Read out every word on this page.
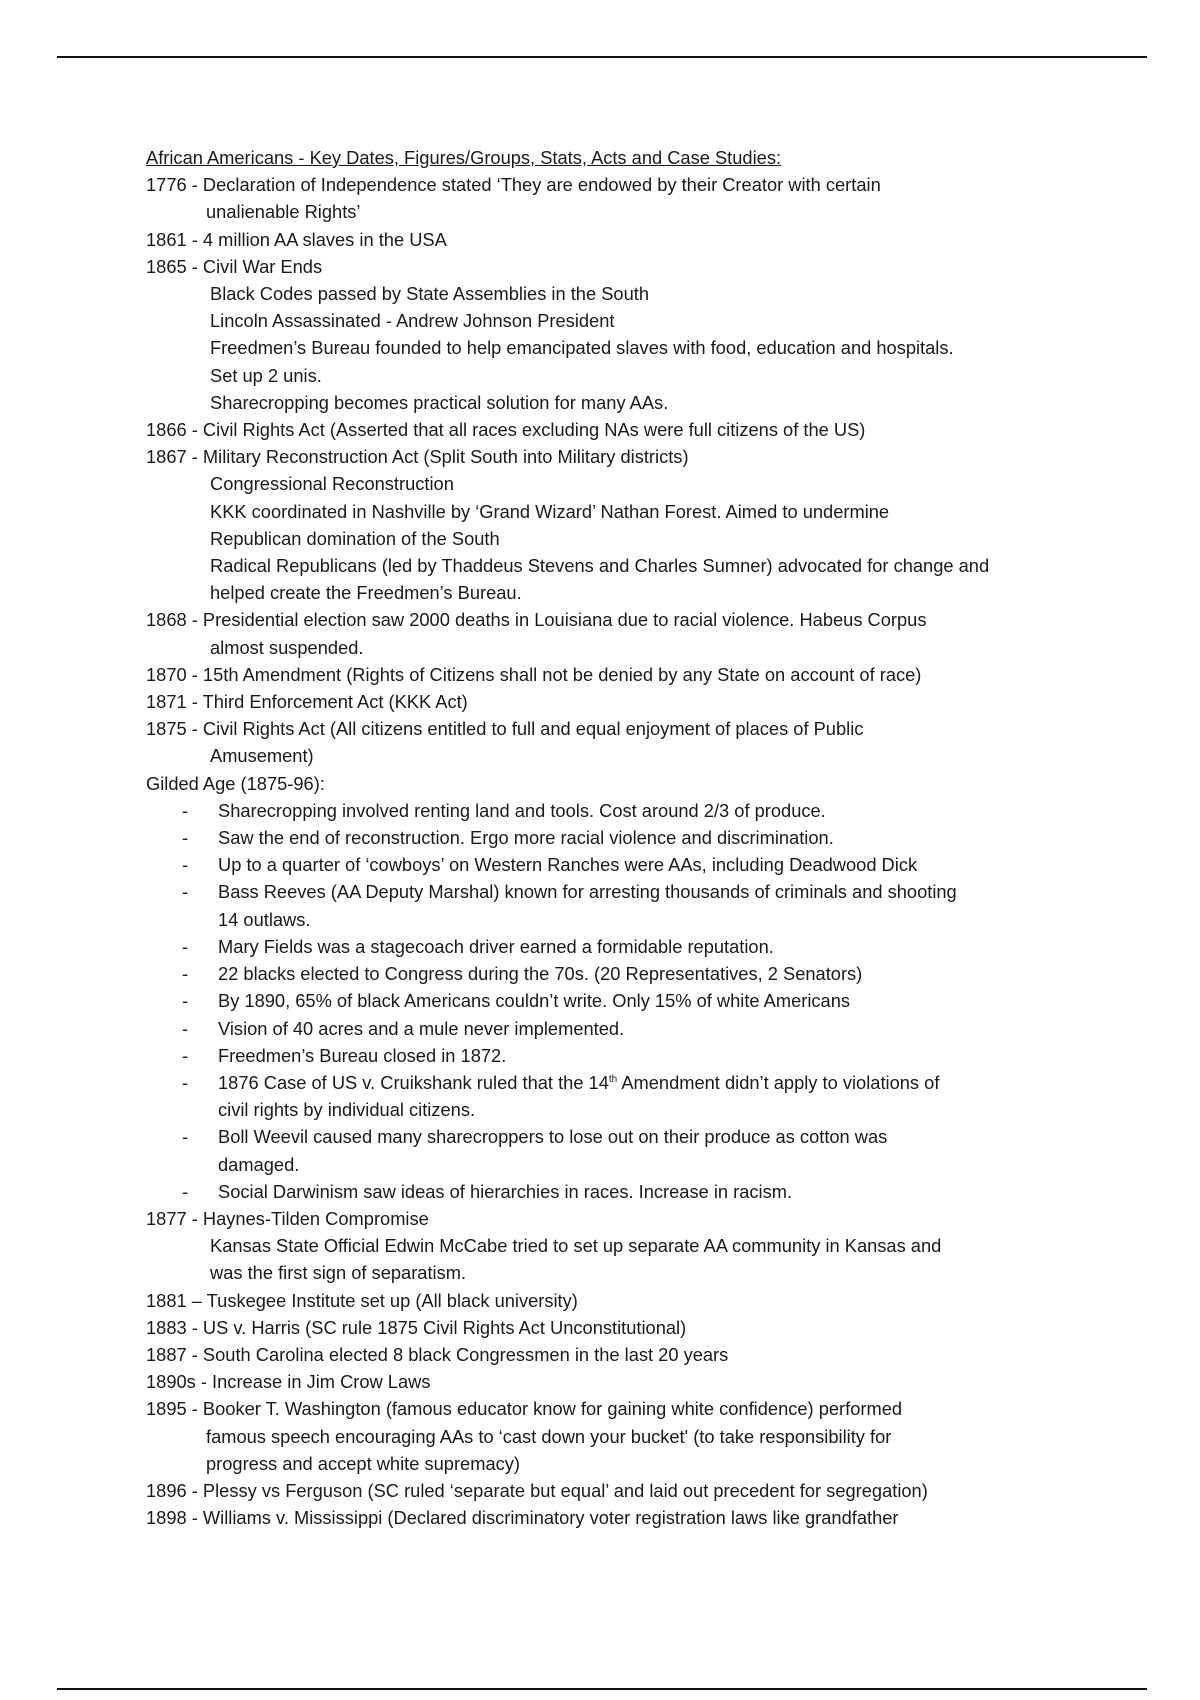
African Americans - Key Dates, Figures/Groups, Stats, Acts and Case Studies:
1776 - Declaration of Independence stated ‘They are endowed by their Creator with certain
unalienable Rights’
1861 - 4 million AA slaves in the USA
1865 - Civil War Ends
Black Codes passed by State Assemblies in the South
Lincoln Assassinated - Andrew Johnson President
Freedmen’s Bureau founded to help emancipated slaves with food, education and hospitals.
Set up 2 unis.
Sharecropping becomes practical solution for many AAs.
1866 - Civil Rights Act (Asserted that all races excluding NAs were full citizens of the US)
1867 - Military Reconstruction Act (Split South into Military districts)
Congressional Reconstruction
KKK coordinated in Nashville by ‘Grand Wizard’ Nathan Forest. Aimed to undermine
Republican domination of the South
Radical Republicans (led by Thaddeus Stevens and Charles Sumner) advocated for change and
helped create the Freedmen’s Bureau.
1868 - Presidential election saw 2000 deaths in Louisiana due to racial violence. Habeus Corpus
almost suspended.
1870 - 15th Amendment (Rights of Citizens shall not be denied by any State on account of race)
1871 - Third Enforcement Act (KKK Act)
1875 - Civil Rights Act (All citizens entitled to full and equal enjoyment of places of Public
Amusement)
Gilded Age (1875-96):
- Sharecropping involved renting land and tools. Cost around 2/3 of produce.
- Saw the end of reconstruction. Ergo more racial violence and discrimination.
- Up to a quarter of ‘cowboys’ on Western Ranches were AAs, including Deadwood Dick
- Bass Reeves (AA Deputy Marshal) known for arresting thousands of criminals and shooting
14 outlaws.
- Mary Fields was a stagecoach driver earned a formidable reputation.
- 22 blacks elected to Congress during the 70s. (20 Representatives, 2 Senators)
- By 1890, 65% of black Americans couldn’t write. Only 15% of white Americans
- Vision of 40 acres and a mule never implemented.
- Freedmen’s Bureau closed in 1872.
- 1876 Case of US v. Cruikshank ruled that the 14th Amendment didn’t apply to violations of
civil rights by individual citizens.
- Boll Weevil caused many sharecroppers to lose out on their produce as cotton was
damaged.
- Social Darwinism saw ideas of hierarchies in races. Increase in racism.
1877 - Haynes-Tilden Compromise
Kansas State Official Edwin McCabe tried to set up separate AA community in Kansas and
was the first sign of separatism.
1881 – Tuskegee Institute set up (All black university)
1883 - US v. Harris (SC rule 1875 Civil Rights Act Unconstitutional)
1887 - South Carolina elected 8 black Congressmen in the last 20 years
1890s - Increase in Jim Crow Laws
1895 - Booker T. Washington (famous educator know for gaining white confidence) performed
famous speech encouraging AAs to ‘cast down your bucket' (to take responsibility for
progress and accept white supremacy)
1896 - Plessy vs Ferguson (SC ruled ‘separate but equal’ and laid out precedent for segregation)
1898 - Williams v. Mississippi (Declared discriminatory voter registration laws like grandfather
